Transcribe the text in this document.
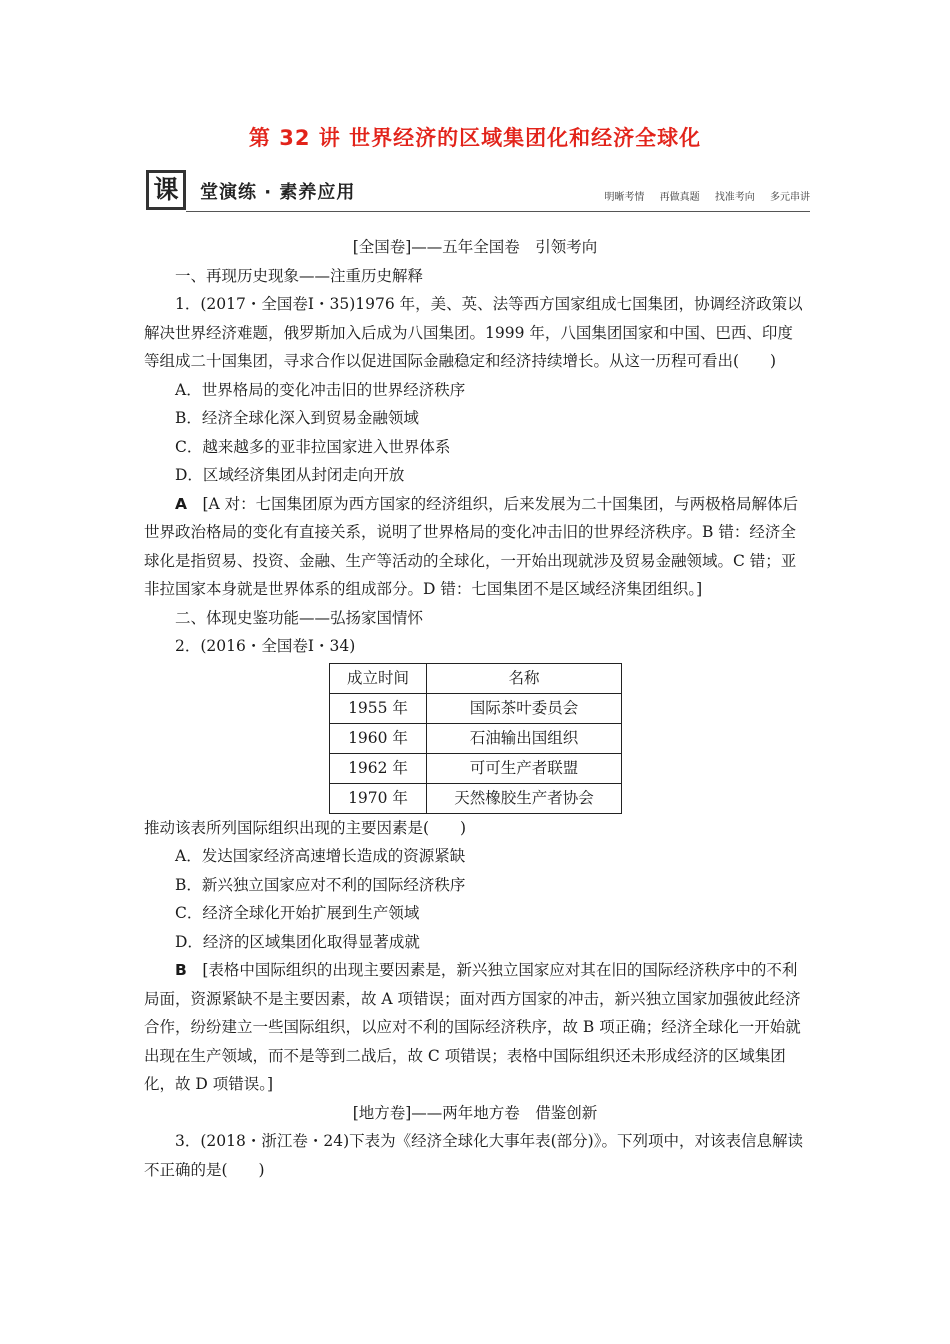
第 32 讲 世界经济的区域集团化和经济全球化
课	堂演练 · 素养应用	明晰考情 再做真题 找准考向 多元串讲

[全国卷]——五年全国卷　引领考向

一、再现历史现象——注重历史解释

1．(2017・全国卷Ⅰ・35)1976 年，美、英、法等西方国家组成七国集团，协调经济政策以解决世界经济难题，俄罗斯加入后成为八国集团。1999 年，八国集团国家和中国、巴西、印度等组成二十国集团，寻求合作以促进国际金融稳定和经济持续增长。从这一历程可看出(　　)

A．世界格局的变化冲击旧的世界经济秩序

B．经济全球化深入到贸易金融领域

C．越来越多的亚非拉国家进入世界体系

D．区域经济集团从封闭走向开放

A　[A 对：七国集团原为西方国家的经济组织，后来发展为二十国集团，与两极格局解体后世界政治格局的变化有直接关系，说明了世界格局的变化冲击旧的世界经济秩序。B 错：经济全球化是指贸易、投资、金融、生产等活动的全球化，一开始出现就涉及贸易金融领域。C 错；亚非拉国家本身就是世界体系的组成部分。D 错：七国集团不是区域经济集团组织。]

二、体现史鉴功能——弘扬家国情怀

2．(2016・全国卷Ⅰ・34)

成立时间	名称
1955 年	国际茶叶委员会
1960 年	石油输出国组织
1962 年	可可生产者联盟
1970 年	天然橡胶生产者协会

推动该表所列国际组织出现的主要因素是(　　)

A．发达国家经济高速增长造成的资源紧缺

B．新兴独立国家应对不利的国际经济秩序

C．经济全球化开始扩展到生产领域

D．经济的区域集团化取得显著成就

B　[表格中国际组织的出现主要因素是，新兴独立国家应对其在旧的国际经济秩序中的不利局面，资源紧缺不是主要因素，故 A 项错误；面对西方国家的冲击，新兴独立国家加强彼此经济合作，纷纷建立一些国际组织，以应对不利的国际经济秩序，故 B 项正确；经济全球化一开始就出现在生产领域，而不是等到二战后，故 C 项错误；表格中国际组织还未形成经济的区域集团化，故 D 项错误。]

[地方卷]——两年地方卷　借鉴创新

3．(2018・浙江卷・24)下表为《经济全球化大事年表(部分)》。下列项中，对该表信息解读不正确的是(　　)
